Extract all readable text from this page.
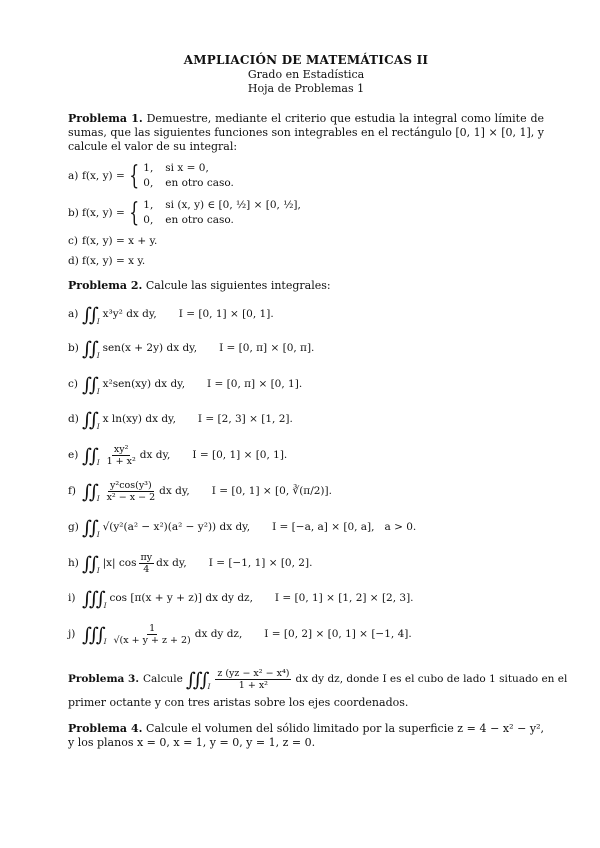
AMPLIACIÓN DE MATEMÁTICAS II
Grado en Estadística
Hoja de Problemas 1
Problema 1. Demuestre, mediante el criterio que estudia la integral como límite de sumas, que las siguientes funciones son integrables en el rectángulo [0, 1] × [0, 1], y calcule el valor de su integral:
a) f(x, y) = { 1, si x = 0,
0, en otro caso.
b) f(x, y) = { 1, si (x, y) ∈ [0, ½] × [0, ½],
0, en otro caso.
c) f(x, y) = x + y.
d) f(x, y) = x y.
Problema 2. Calcule las siguientes integrales:
a) ∫∫ I
x³y² dx dy, I = [0, 1] × [0, 1].
b) ∫∫ I
sen(x + 2y) dx dy, I = [0, π] × [0, π].
c) ∫∫ I
x²sen(xy) dx dy, I = [0, π] × [0, 1].
d) ∫∫ I
x ln(xy) dx dy, I = [2, 3] × [1, 2].
e) ∫∫ I $\frac{\text{xy²}}{\text{1 + x²}}$ dx dy, I = [0, 1] × [0, 1].
f) ∫∫ I $\frac{\text{y²cos(y³)}}{\text{x² − x − 2}}$ dx dy, I = [0, 1] × [0, ∛(π/2)].
g) ∫∫ I
√(y²(a² − x²)(a² − y²)) dx dy, I = [−a, a] × [0, a], a > 0.
h) ∫∫ I
|x| $\cos \frac{\pi y}{4}$ dx dy, I = [−1, 1] × [0, 2].
i) ∫∫∫ I
cos [π(x + y + z)] dx dy dz, I = [0, 1] × [1, 2] × [2, 3].
j) ∫∫∫ I $\frac{1}{√(x + y + z + 2)}$ dx dy dz, I = [0, 2] × [0, 1] × [−1, 4].
Problema 3. Calcule ∫∫∫ I $\frac{\text{z (yz − x² − x⁴)}}{\text{1 + x²}}$ dx dy dz, donde I es el cubo de lado 1 situado en el
primer octante y con tres aristas sobre los ejes coordenados.
Problema 4. Calcule el volumen del sólido limitado por la superficie z = 4 − x² − y², y los planos x = 0, x = 1, y = 0, y = 1, z = 0.
